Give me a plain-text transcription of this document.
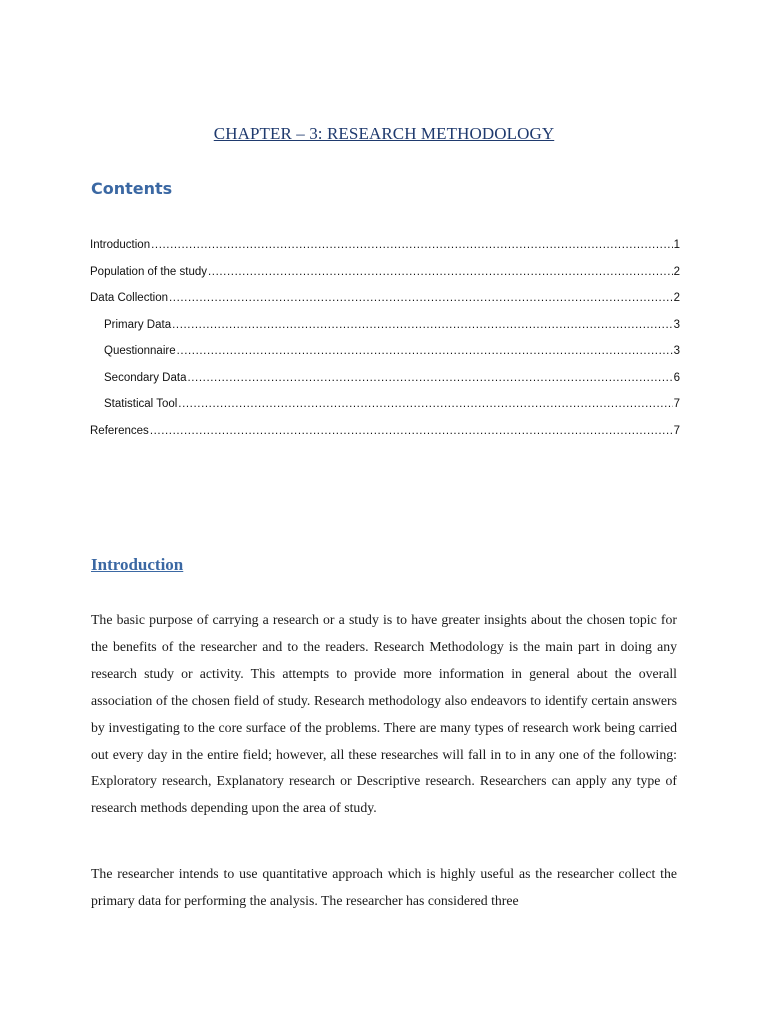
CHAPTER – 3: RESEARCH METHODOLOGY
Contents
Introduction .....	1
Population of the study .....	2
Data Collection .....	2
Primary Data .....	3
Questionnaire .....	3
Secondary Data .....	6
Statistical Tool .....	7
References .....	7
Introduction

The basic purpose of carrying a research or a study is to have greater insights about the chosen topic for the benefits of the researcher and to the readers. Research Methodology is the main part in doing any research study or activity. This attempts to provide more information in general about the overall association of the chosen field of study. Research methodology also endeavors to identify certain answers by investigating to the core surface of the problems. There are many types of research work being carried out every day in the entire field; however, all these researches will fall in to in any one of the following: Exploratory research, Explanatory research or Descriptive research. Researchers can apply any type of research methods depending upon the area of study.

The researcher intends to use quantitative approach which is highly useful as the researcher collect the primary data for performing the analysis. The researcher has considered three
